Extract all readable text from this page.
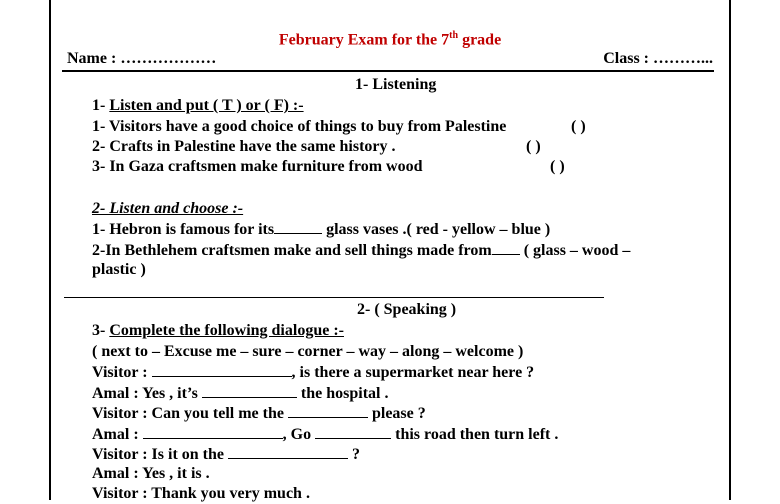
February Exam for the 7th grade
Name : ………………	Class : ………...
1- Listening
1- Listen and put ( T ) or ( F) :-
1- Visitors have a good choice of things to buy from Palestine	( )
2- Crafts in Palestine have the same history .	( )
3- In Gaza craftsmen make furniture from wood	( )
2- Listen and choose :-
1- Hebron is famous for its	glass vases .( red - yellow – blue )
2-In Bethlehem craftsmen make and sell things made from ( glass – wood –
plastic )
2- ( Speaking )
3- Complete the following dialogue :-
( next to – Excuse me – sure – corner – way – along – welcome )
Visitor :	, is there a supermarket near here ?
Amal : Yes , it’s	the hospital .
Visitor : Can you tell me the	please ?
Amal :	, Go	this road then turn left .
Visitor : Is it on the	?
Amal : Yes , it is .
Visitor : Thank you very much .
